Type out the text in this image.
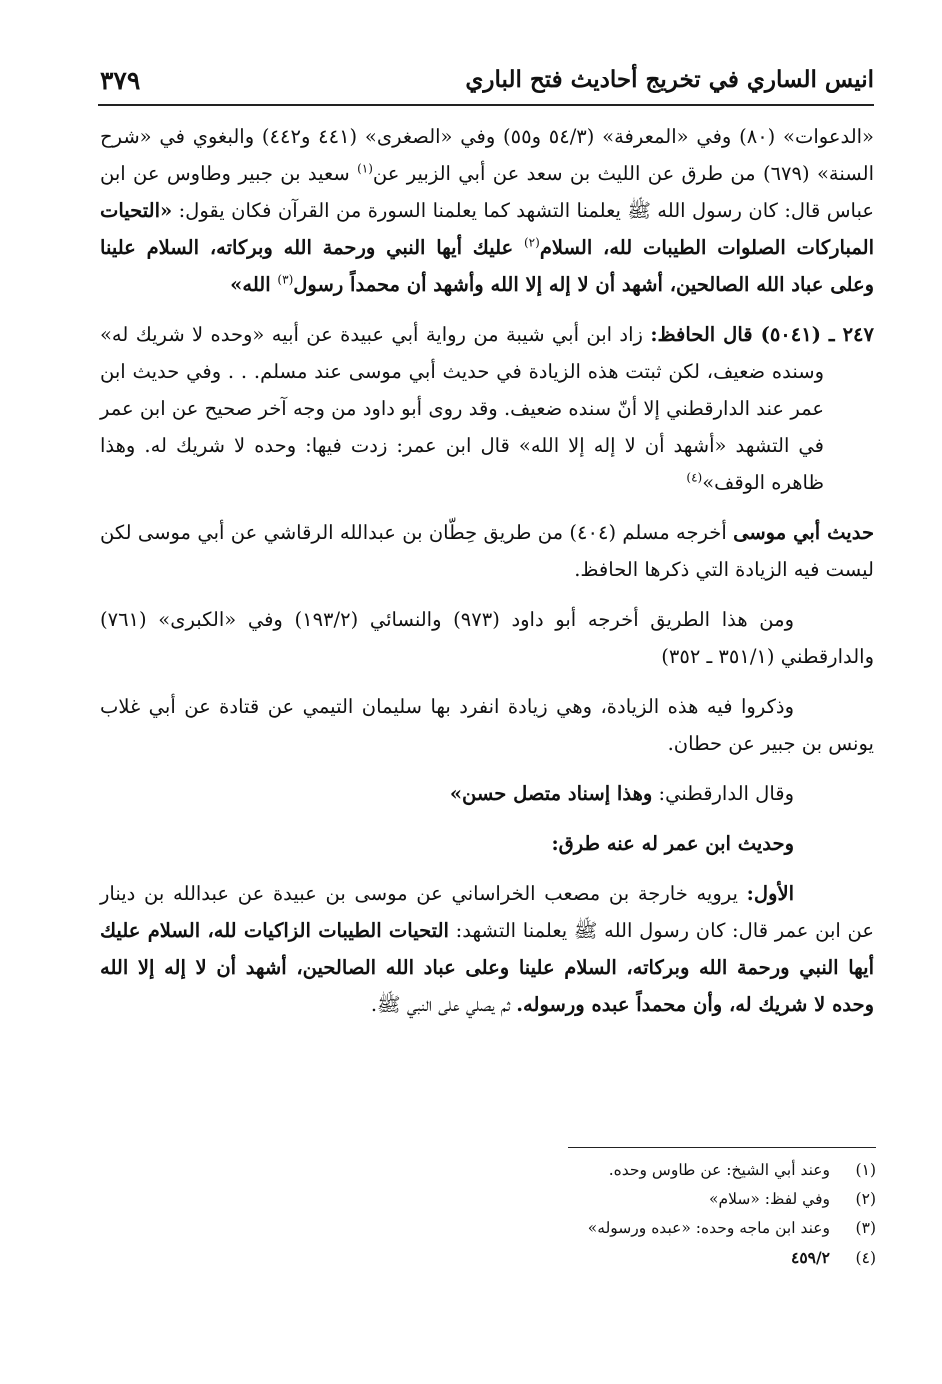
انيس الساري في تخريج أحاديث فتح الباري
٣٧٩

«الدعوات» (٨٠) وفي «المعرفة» (٥٤/٣ و٥٥) وفي «الصغرى» (٤٤١ و٤٤٢) والبغوي في «شرح السنة» (٦٧٩) من طرق عن الليث بن سعد عن أبي الزبير عن$^{(١)}$ سعيد بن جبير وطاوس عن ابن عباس قال: كان رسول الله ﷺ يعلمنا التشهد كما يعلمنا السورة من القرآن فكان يقول: «التحيات المباركات الصلوات الطيبات لله، السلام$^{(٢)}$ عليك أيها النبي ورحمة الله وبركاته، السلام علينا وعلى عباد الله الصالحين، أشهد أن لا إله إلا الله وأشهد أن محمداً رسول$^{(٣)}$ الله»

٢٤٧ ـ (٥٠٤١) قال الحافظ: زاد ابن أبي شيبة من رواية أبي عبيدة عن أبيه «وحده لا شريك له» وسنده ضعيف، لكن ثبتت هذه الزيادة في حديث أبي موسى عند مسلم. . . وفي حديث ابن عمر عند الدارقطني إلا أنّ سنده ضعيف. وقد روى أبو داود من وجه آخر صحيح عن ابن عمر في التشهد «أشهد أن لا إله إلا الله» قال ابن عمر: زدت فيها: وحده لا شريك له. وهذا ظاهره الوقف»$^{(٤)}$

حديث أبي موسى أخرجه مسلم (٤٠٤) من طريق حِطّان بن عبدالله الرقاشي عن أبي موسى لكن ليست فيه الزيادة التي ذكرها الحافظ.

ومن هذا الطريق أخرجه أبو داود (٩٧٣) والنسائي (١٩٣/٢) وفي «الكبرى» (٧٦١) والدارقطني (٣٥١/١ ـ ٣٥٢)

وذكروا فيه هذه الزيادة، وهي زيادة انفرد بها سليمان التيمي عن قتادة عن أبي غلاب يونس بن جبير عن حطان.

وقال الدارقطني: وهذا إسناد متصل حسن»

وحديث ابن عمر له عنه طرق:

الأول: يرويه خارجة بن مصعب الخراساني عن موسى بن عبيدة عن عبدالله بن دينار عن ابن عمر قال: كان رسول الله ﷺ يعلمنا التشهد: التحيات الطيبات الزاكيات لله، السلام عليك أيها النبي ورحمة الله وبركاته، السلام علينا وعلى عباد الله الصالحين، أشهد أن لا إله إلا الله وحده لا شريك له، وأن محمداً عبده ورسوله. ثم يصلي على النبي ﷺ.

(١)وعند أبي الشيخ: عن طاوس وحده.

(٢)وفي لفظ: «سلام»

(٣)وعند ابن ماجه وحده: «عبده ورسوله»

(٤)٤٥٩/٢
